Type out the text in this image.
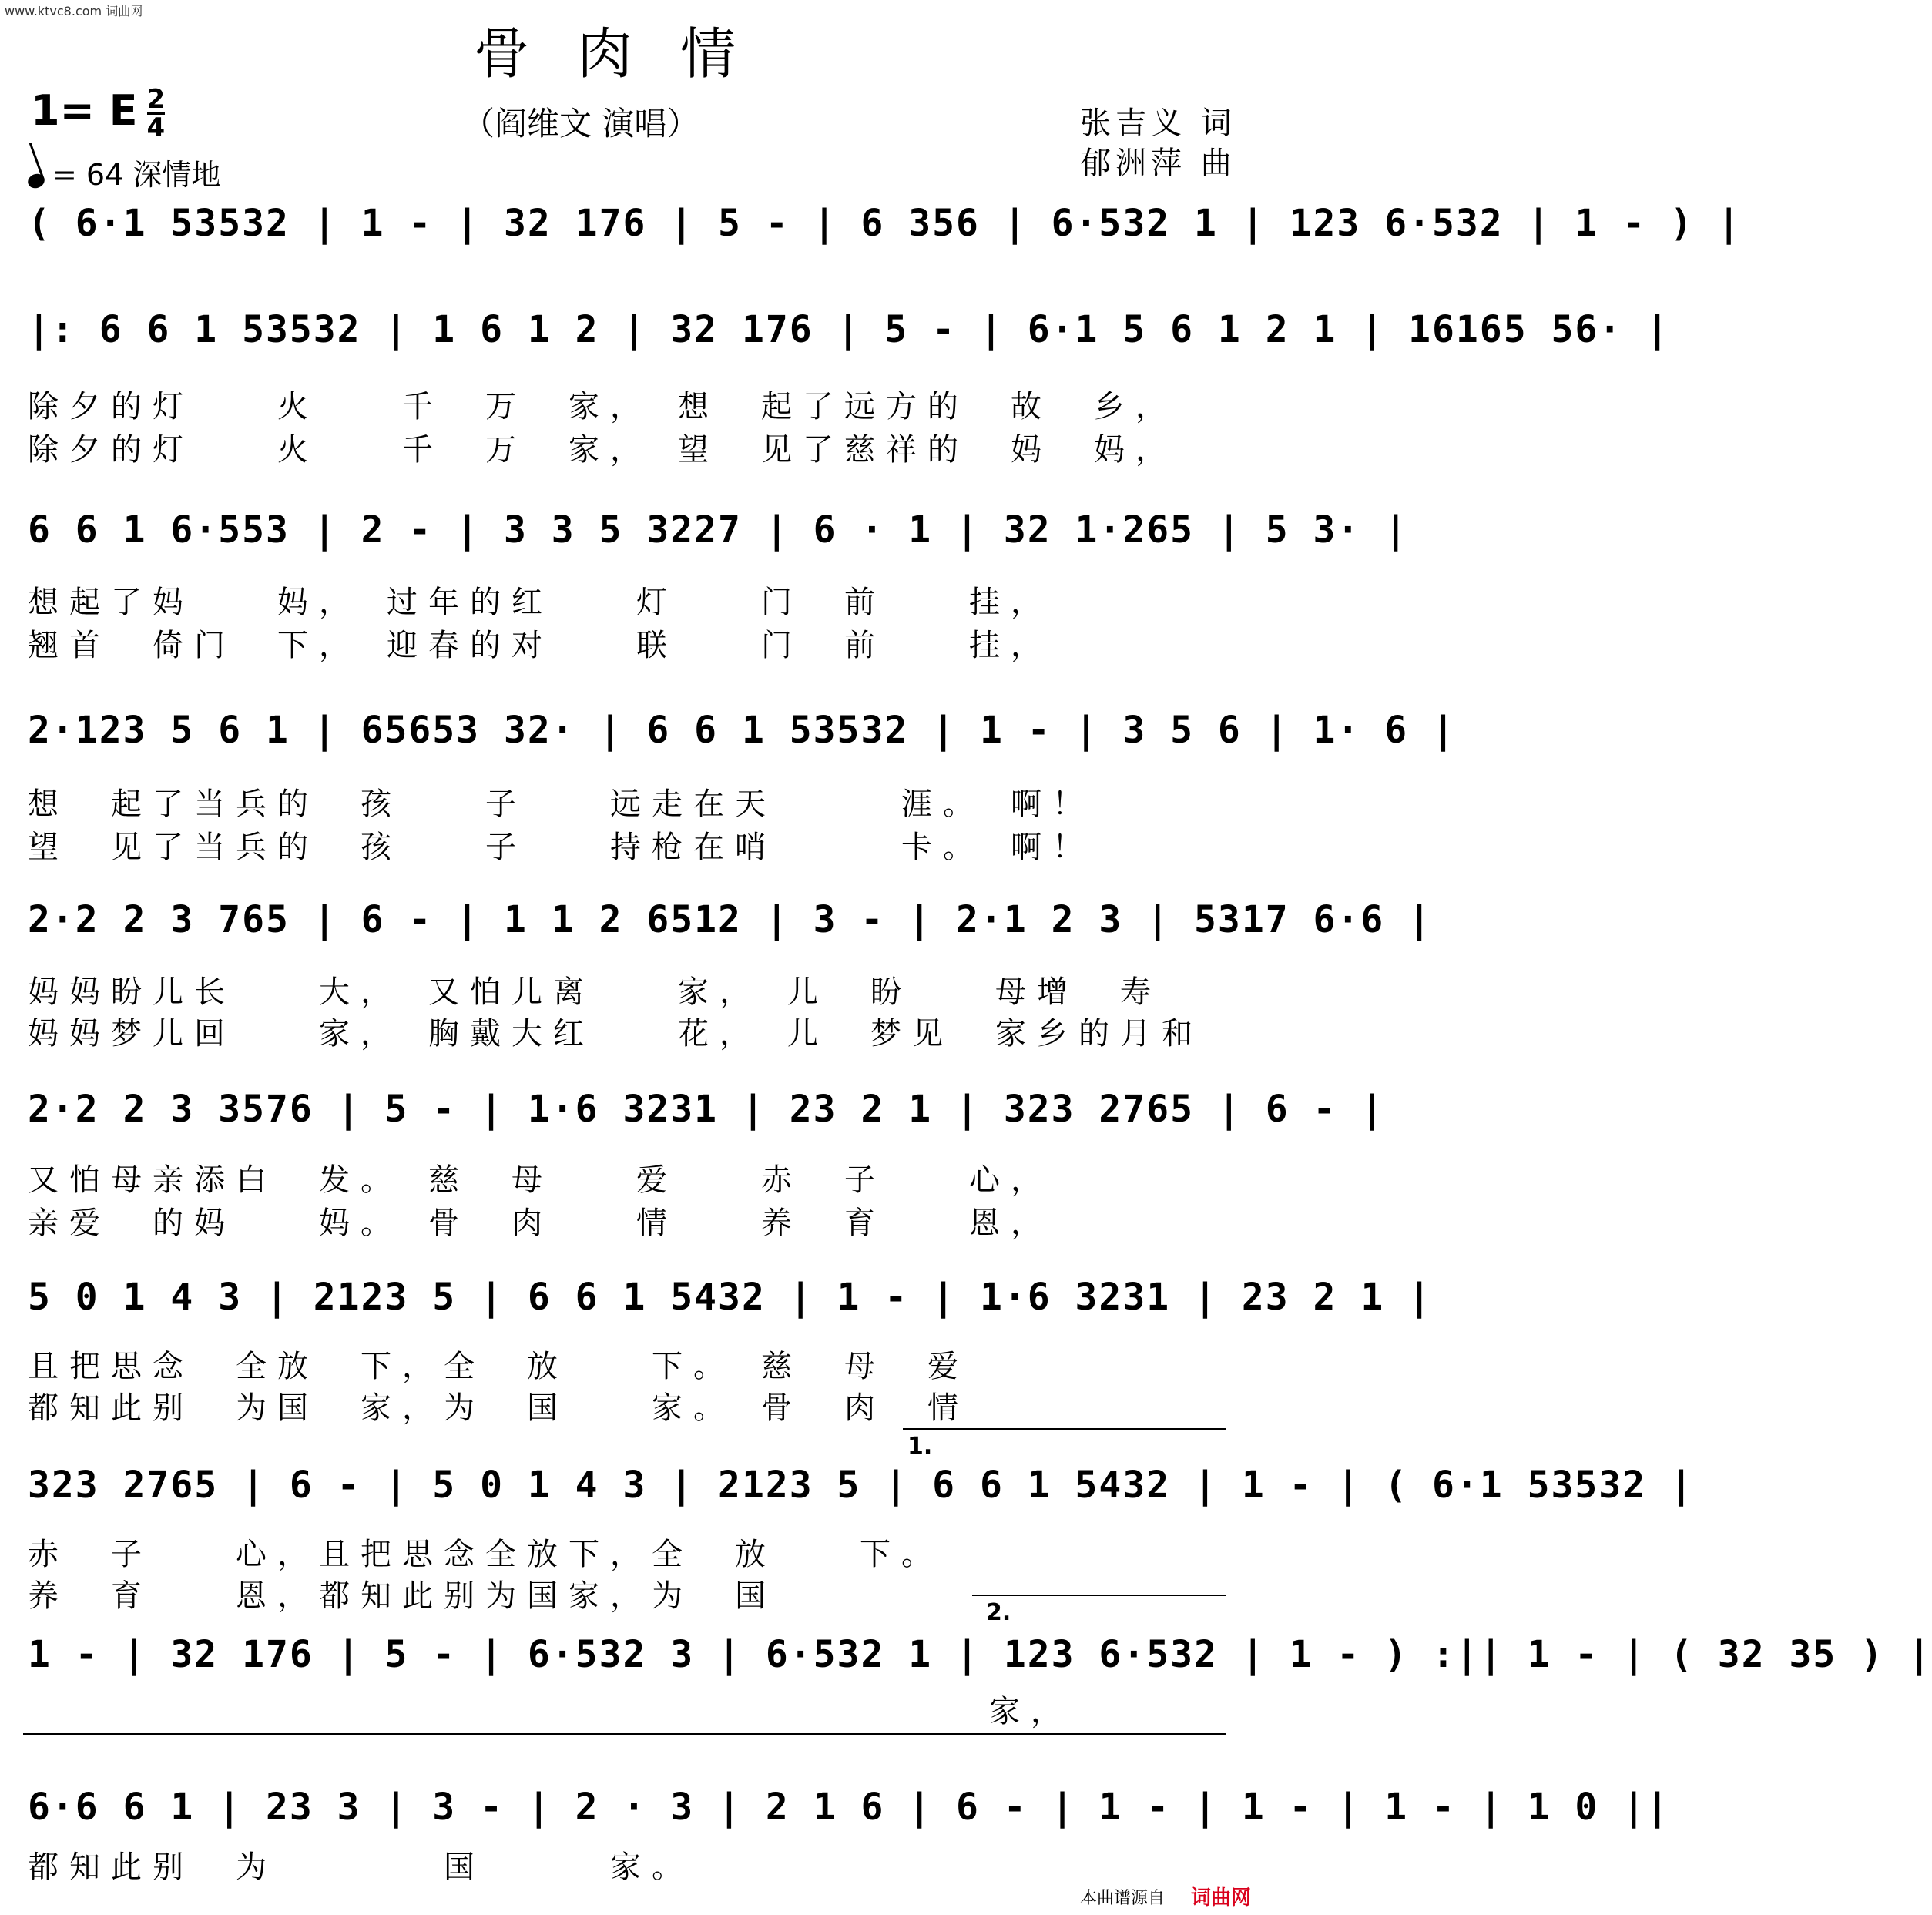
www.ktvc8.com 词曲网
骨肉情
1= E $\frac{2}{4}$	（阎维文 演唱）	张吉义 词
郁洲萍 曲
= 64 深情地
( 6·1 53532 | 1 - | 32 176 | 5 - | 6 356 | 6·532 1 | 123 6·532 | 1 - ) |
|: 6 6 1 53532 | 1 6 1 2 | 32 176 | 5 - | 6·1 5 6 1 2 1 | 16165 56· |
除夕的灯　　火　　千　万　家，　想　起了远方的　故　乡，
除夕的灯　　火　　千　万　家，　望　见了慈祥的　妈　妈，
6 6 1 6·553 | 2 - | 3 3 5 3227 | 6 · 1 | 32 1·265 | 5 3· |
想起了妈　　妈，　过年的红　　灯　　门　前　　挂，
翘首　倚门　下，　迎春的对　　联　　门　前　　挂，
2·123 5 6 1 | 65653 32· | 6 6 1 53532 | 1 - | 3 5 6 | 1· 6 |
想　起了当兵的　孩　　子　　远走在天　　　涯。　啊！
望　见了当兵的　孩　　子　　持枪在哨　　　卡。　啊！
2·2 2 3 765 | 6 - | 1 1 2 6512 | 3 - | 2·1 2 3 | 5317 6·6 |
妈妈盼儿长　　大，　又怕儿离　　家，　儿　盼　　母增　寿
妈妈梦儿回　　家，　胸戴大红　　花，　儿　梦见　家乡的月和
2·2 2 3 3576 | 5 - | 1·6 3231 | 23 2 1 | 323 2765 | 6 - |
又怕母亲添白　发。　慈　母　　爱　　赤　子　　心，
亲爱　的妈　　妈。　骨　肉　　情　　养　育　　恩，
5 0 1 4 3 | 2123 5 | 6 6 1 5432 | 1 - | 1·6 3231 | 23 2 1 |
且把思念　全放　下，全　放　　下。　慈　母　爱
都知此别　为国　家，为　国　　家。　骨　肉　情
1.
323 2765 | 6 - | 5 0 1 4 3 | 2123 5 | 6 6 1 5432 | 1 - | ( 6·1 53532 |
赤　子　　心，且把思念全放下，全　放　　下。
养　育　　恩，都知此别为国家，为　国	2.
1 - | 32 176 | 5 - | 6·532 3 | 6·532 1 | 123 6·532 | 1 - ) :|| 1 - | ( 32 35 ) |
家，
6·6 6 1 | 23 3 | 3 - | 2 · 3 | 2 1 6 | 6 - | 1 - | 1 - | 1 - | 1 0 ||
都知此别　为　　　　国　　　家。
本曲谱源自 词曲网
